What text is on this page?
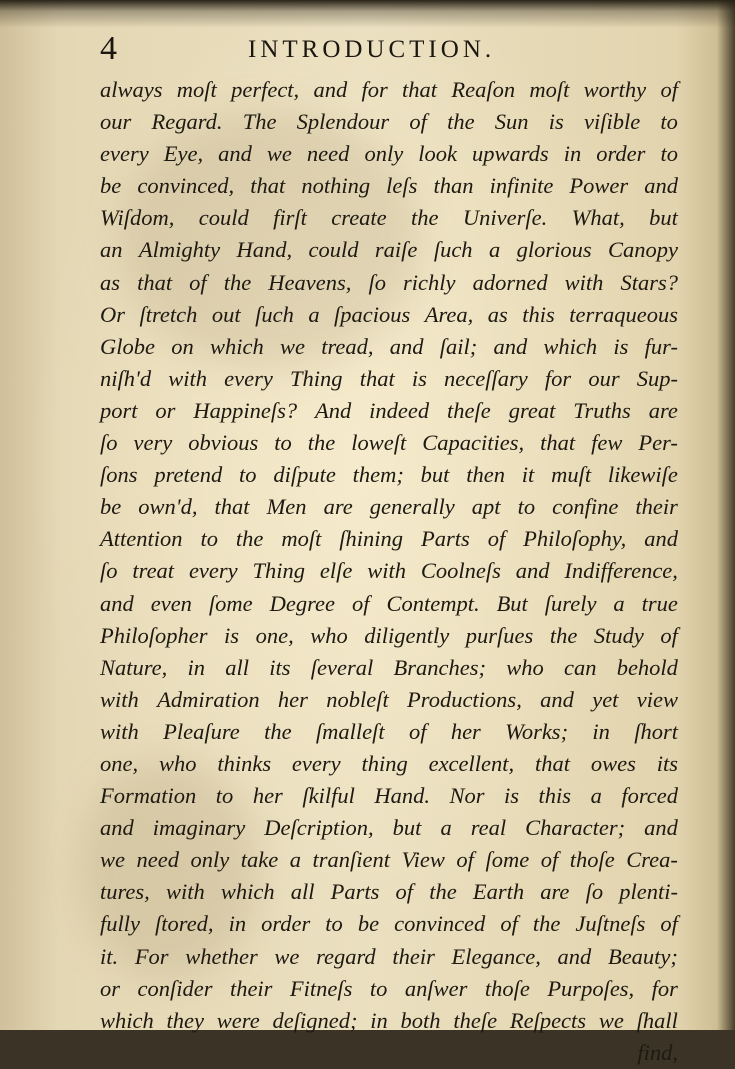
4	INTRODUCTION.
always moſt perfect, and for that Reaſon moſt worthy of
our Regard. The Splendour of the Sun is viſible to
every Eye, and we need only look upwards in order to
be convinced, that nothing leſs than infinite Power and
Wiſdom, could firſt create the Univerſe. What, but
an Almighty Hand, could raiſe ſuch a glorious Canopy
as that of the Heavens, ſo richly adorned with Stars?
Or ſtretch out ſuch a ſpacious Area, as this terraqueous
Globe on which we tread, and ſail; and which is fur-
niſh'd with every Thing that is neceſſary for our Sup-
port or Happineſs? And indeed theſe great Truths are
ſo very obvious to the loweſt Capacities, that few Per-
ſons pretend to diſpute them; but then it muſt likewiſe
be own'd, that Men are generally apt to confine their
Attention to the moſt ſhining Parts of Philoſophy, and
ſo treat every Thing elſe with Coolneſs and Indifference,
and even ſome Degree of Contempt. But ſurely a true
Philoſopher is one, who diligently purſues the Study of
Nature, in all its ſeveral Branches; who can behold
with Admiration her nobleſt Productions, and yet view
with Pleaſure the ſmalleſt of her Works; in ſhort
one, who thinks every thing excellent, that owes its
Formation to her ſkilful Hand. Nor is this a forced
and imaginary Deſcription, but a real Character; and
we need only take a tranſient View of ſome of thoſe Crea-
tures, with which all Parts of the Earth are ſo plenti-
fully ſtored, in order to be convinced of the Juſtneſs of
it. For whether we regard their Elegance, and Beauty;
or conſider their Fitneſs to anſwer thoſe Purpoſes, for
which they were deſigned; in both theſe Reſpects we ſhall
find,
